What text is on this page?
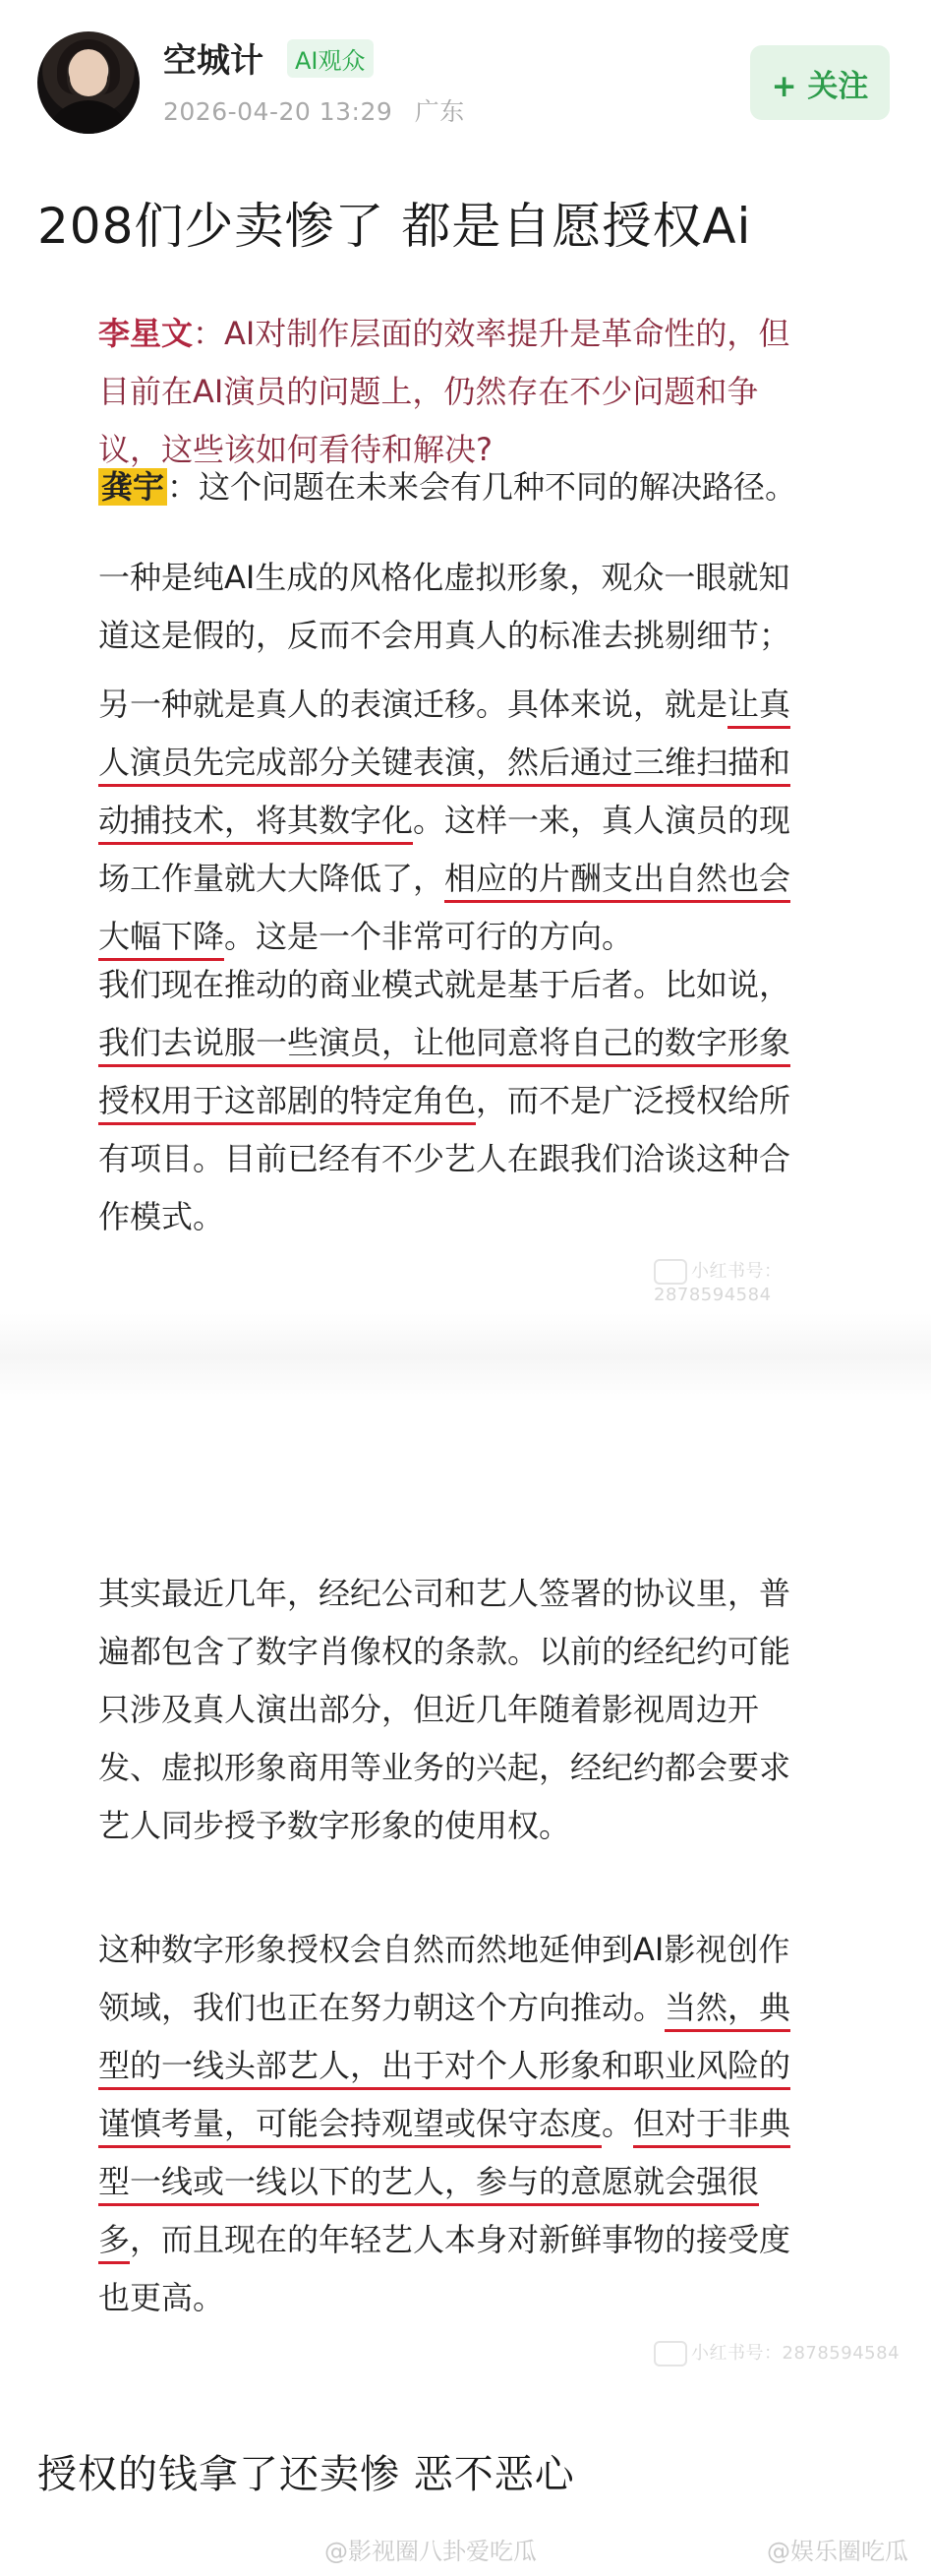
空城计	AI观众
2026-04-20 13:29 广东
+ 关注
208们少卖惨了 都是自愿授权Ai
李星文：AI对制作层面的效率提升是革命性的，但
目前在AI演员的问题上，仍然存在不少问题和争
议，这些该如何看待和解决?
龚宇：这个问题在未来会有几种不同的解决路径。
一种是纯AI生成的风格化虚拟形象，观众一眼就知
道这是假的，反而不会用真人的标准去挑剔细节；
另一种就是真人的表演迁移。具体来说，就是让真
人演员先完成部分关键表演，然后通过三维扫描和
动捕技术，将其数字化。这样一来，真人演员的现
场工作量就大大降低了，相应的片酬支出自然也会
大幅下降。这是一个非常可行的方向。
我们现在推动的商业模式就是基于后者。比如说，
我们去说服一些演员，让他同意将自己的数字形象
授权用于这部剧的特定角色，而不是广泛授权给所
有项目。目前已经有不少艺人在跟我们洽谈这种合
作模式。
小红书号：2878594584
其实最近几年，经纪公司和艺人签署的协议里，普
遍都包含了数字肖像权的条款。以前的经纪约可能
只涉及真人演出部分，但近几年随着影视周边开
发、虚拟形象商用等业务的兴起，经纪约都会要求
艺人同步授予数字形象的使用权。
这种数字形象授权会自然而然地延伸到AI影视创作
领域，我们也正在努力朝这个方向推动。当然，典
型的一线头部艺人，出于对个人形象和职业风险的
谨慎考量，可能会持观望或保守态度。但对于非典
型一线或一线以下的艺人，参与的意愿就会强很
多，而且现在的年轻艺人本身对新鲜事物的接受度
也更高。
小红书号：2878594584
授权的钱拿了还卖惨 恶不恶心
@影视圈八卦爱吃瓜	@娱乐圈吃瓜
